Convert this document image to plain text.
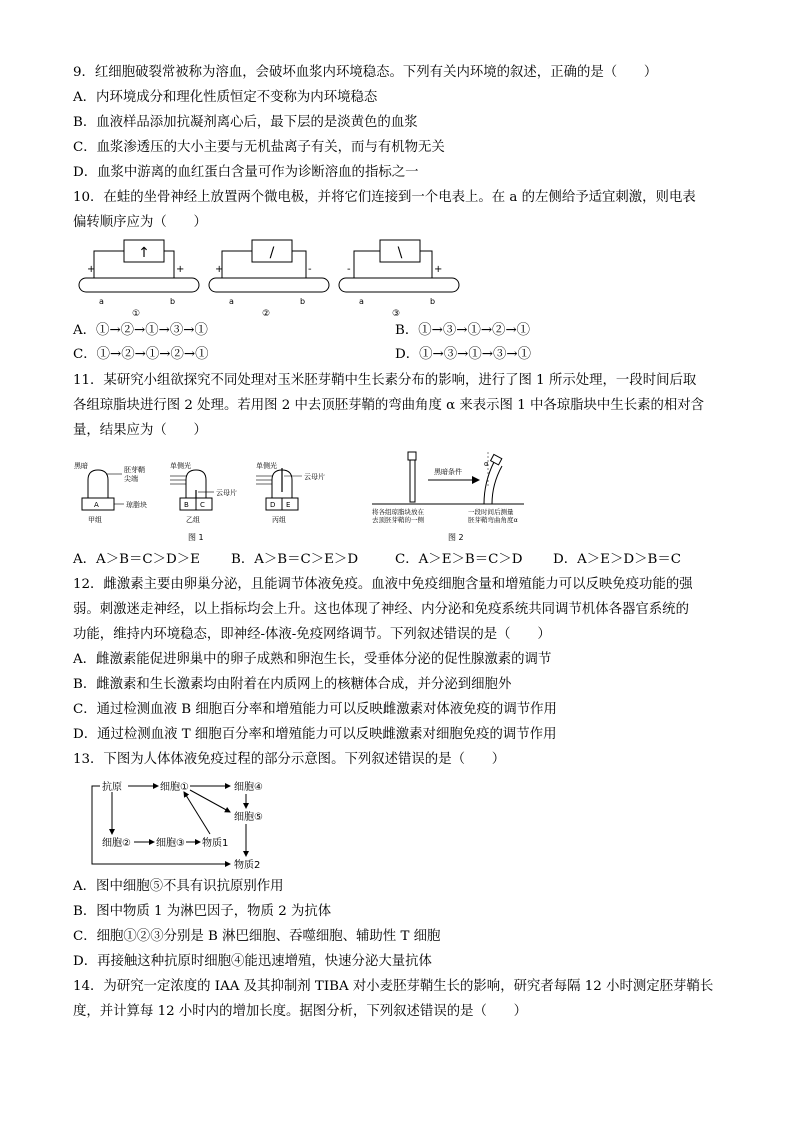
9．红细胞破裂常被称为溶血，会破坏血浆内环境稳态。下列有关内环境的叙述，正确的是（　　）
A．内环境成分和理化性质恒定不变称为内环境稳态
B．血液样品添加抗凝剂离心后，最下层的是淡黄色的血浆
C．血浆渗透压的大小主要与无机盐离子有关，而与有机物无关
D．血浆中游离的血红蛋白含量可作为诊断溶血的指标之一
10．在蛙的坐骨神经上放置两个微电极，并将它们连接到一个电表上。在 a 的左侧给予适宜刺激，则电表
偏转顺序应为（　　）
↑
+	+
a	b
①
/
+	-
a	b
②
\
-	+
a	b
③
A．①→②→①→③→①	B．①→③→①→②→①
C．①→②→①→②→①	D．①→③→①→③→①
11．某研究小组欲探究不同处理对玉米胚芽鞘中生长素分布的影响，进行了图 1 所示处理，一段时间后取
各组琼脂块进行图 2 处理。若用图 2 中去顶胚芽鞘的弯曲角度 α 来表示图 1 中各琼脂块中生长素的相对含
量，结果应为（　　）
黑暗
A
胚芽鞘尖端
琼脂块
甲组
单侧光
B C
云母片
乙组
单侧光
D E
云母片
丙组
图 1
黑暗条件
α
将各组琼脂块放在去顶胚芽鞘的一侧
一段时间后测量胚芽鞘弯曲角度α
图 2
A．A＞B＝C＞D＞E B．A＞B＝C＞E＞D	C．A＞E＞B＝C＞D D．A＞E＞D＞B＝C
12．雌激素主要由卵巢分泌，且能调节体液免疫。血液中免疫细胞含量和增殖能力可以反映免疫功能的强
弱。刺激迷走神经，以上指标均会上升。这也体现了神经、内分泌和免疫系统共同调节机体各器官系统的
功能，维持内环境稳态，即神经-体液-免疫网络调节。下列叙述错误的是（　　）
A．雌激素能促进卵巢中的卵子成熟和卵泡生长，受垂体分泌的促性腺激素的调节
B．雌激素和生长激素均由附着在内质网上的核糖体合成，并分泌到细胞外
C．通过检测血液 B 细胞百分率和增殖能力可以反映雌激素对体液免疫的调节作用
D．通过检测血液 T 细胞百分率和增殖能力可以反映雌激素对细胞免疫的调节作用
13．下图为人体体液免疫过程的部分示意图。下列叙述错误的是（　　）
抗原	细胞①	细胞④
细胞⑤
细胞②	细胞③ 物质1
物质2
A．图中细胞⑤不具有识抗原别作用
B．图中物质 1 为淋巴因子，物质 2 为抗体
C．细胞①②③分别是 B 淋巴细胞、吞噬细胞、辅助性 T 细胞
D．再接触这种抗原时细胞④能迅速增殖，快速分泌大量抗体
14．为研究一定浓度的 IAA 及其抑制剂 TIBA 对小麦胚芽鞘生长的影响，研究者每隔 12 小时测定胚芽鞘长
度，并计算每 12 小时内的增加长度。据图分析，下列叙述错误的是（　　）
